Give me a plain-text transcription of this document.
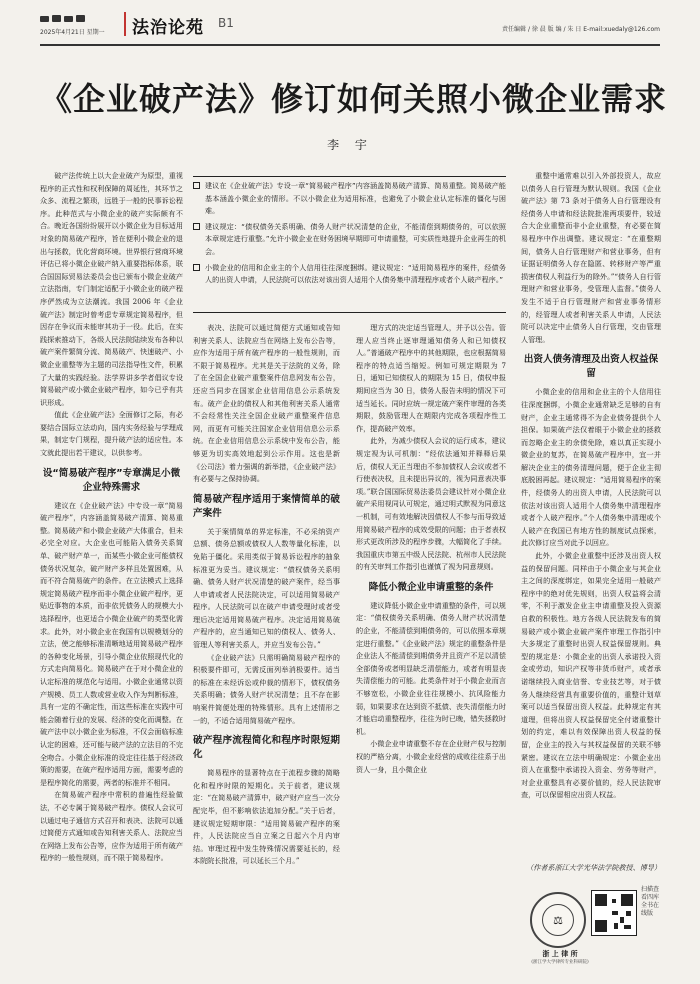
2025年4月21日 星期一 法治论苑 B1	责任编辑 / 徐 晨 版 编 / 朱 日 E-mail:xuedaly@126.com
《企业破产法》修订如何关照小微企业需求
李 宇
建议在《企业破产法》专设一章“简易破产程序”内容涵盖简易破产清算、简易重整。简易破产能基本涵盖小微企业的情形。不以小微企业为适用标准，也避免了小微企业认定标准的僵化与困难。
建议规定：“债权债务关系明确、债务人财产状况清楚的企业，不能清偿到期债务的，可以依照本章规定进行重整。”允许小微企业在财务困境早期即可申请重整，可实质性地提升企业再生的机会。
小微企业的信用和企业主的个人信用往往深度捆绑。建议规定：“适用简易程序的案件，经债务人的出资人申请，人民法院可以依法对该出资人适用个人债务集中清理程序或者个人破产程序。”

破产法传统上以大企业破产为原型，重视程序的正式性和权利保障的周延性，其环节之众多、流程之繁琐，远胜于一般的民事诉讼程序。此种范式与小微企业的破产实际颇有不合。晚近各国纷纷展开以小微企业为目标适用对象的简易破产程序，旨在便利小微企业的退出与拯救，优化营商环境。世界银行营商环境评估已将小微企业破产纳入重要指标体系，联合国国际贸易法委员会也已颁布小微企业破产立法指南，专门制定适配于小微企业的破产程序俨然成为立法潮流。我国 2006 年《企业破产法》制定时曾考虑专章规定简易程序，但因存在争议而未能审其功于一役。此后，在实践探索推动下，各级人民法院陆续发布各种以破产案件繁简分流、简易破产、快速破产、小微企业重整等为主题的司法指导性文件，积累了大量的实践经验。法学界讲多学者倡议专设简易破产或小微企业破产程序，如今已乎有共识形成。

值此《企业破产法》全面修订之际，有必要结合国际立法动向，国内实务经验与学理成果，制定专门规程，提升破产法的适应性。本文就此提出若干建议，以供参考。

设“简易破产程序”专章满足小微企业特殊需求

建议在《企业破产法》中专设一章“简易破产程序”，内容涵盖简易破产清算、简易重整。简易破产和小微企业破产大体重合，但未必完全对应。大企业也可能陷入债务关系简单、破产财产单一，而某些小微企业可能债权债务状况复杂，破产财产多样且处置困难，从而不符合简易破产的条件。在立法模式上选择规定简易破产程序而非小微企业破产程序，更贴近事物的本质，而非依凭债务人的规模大小选择程序，也更适合小微企业破产的类型化需求。此外，对小微企业在我国有以规模划分的立法，使之能够标准清晰地适用简易破产程序的各种变化场景，引导小微企业依照现代化的方式走向简易化。简易破产在于对小微企业的认定标准的规范化与适用。小微企业通常以资产规模、员工人数或营业收入作为判断标准，具有一定的不确定性，而这些标准在实践中可能会随着行业的发展、经济的变化而调整。在破产法中以小微企业为标准，不仅会面临标准认定的困难，还可能与破产法的立法目的不完全吻合。小微企业标准的设定往往基于经济政策的需要，在破产程序适用方面，需要考虑的是程序简化的需要，两者的标准并不相同。

在简易破产程序中常积的普遍性经验做法，不必专属于简易破产程序。债权人会议可以通过电子通信方式召开和表决、法院可以通过简便方式通知或告知利害关系人、法院应当在网络上发布公告等，应作为适用于所有破产程序的一般性规则，而不限于简易程序。

表决、法院可以通过简便方式通知或告知利害关系人、法院应当在网络上发布公告等，应作为适用于所有破产程序的一般性规则，而不限于简易程序。尤其是关于法院的义务，除了在全国企业破产重整案件信息网发布公告，还应当同步在国家企业信用信息公示系统发布。破产企业的债权人和其他利害关系人通常不会经常性关注全国企业破产重整案件信息网，而更有可能关注国家企业信用信息公示系统。在企业信用信息公示系统中发布公告，能够更为切实高效地起到公示作用。这也是新《公司法》着力强调的新举措，《企业破产法》有必要与之保持协调。

简易破产程序适用于案情简单的破产案件

关于案情简单的界定标准，不必采纳资产总额、债务总额或债权人人数等量化标准，以免陷于僵化。采用类似于简易诉讼程序的抽象标准更为妥当。建议规定：“债权债务关系明确、债务人财产状况清楚的破产案件，经当事人申请或者人民法院决定，可以适用简易破产程序。人民法院可以在破产申请受理时或者受理后决定适用简易破产程序。决定适用简易破产程序的，应当通知已知的债权人、债务人、管理人等利害关系人，并应当发布公告。”

《企业破产法》只需明确简易破产程序的积极要件即可，无需反面列举消极要件。适当的标准在未经诉讼或仲裁的情形下，债权债务关系明确；债务人财产状况清楚；且不存在影响案件简便处理的特殊情形。具有上述情形之一的，不适合适用简易破产程序。

破产程序流程简化和程序时限短期化

简易程序的显著特点在于流程步骤的简略化和程序时限的短期化。关于前者，建议规定：“在简易破产清算中，破产财产应当一次分配完毕，但不影响依法追加分配。”关于后者，建议规定短期审限：“适用简易破产程序的案件，人民法院应当自立案之日起六个月内审结。审理过程中发生特殊情况需要延长的，经本院院长批准，可以延长三个月。”

理方式的决定适当管理人，并予以公告。管理人应当终止逐审理通知债务人和已知债权人。”普通破产程序中的其他期限，也应根据简易程序的特点适当缩短。例如可规定期限为 7 日，通知已知债权人的期限为 15 日，债权申报期间应当为 30 日，债务人报告未明的情况下可适当延长。同时应统一规定破产案件审理的各类期限，鼓励管理人在期限内完成各项程序性工作，提高破产效率。

此外，为减少债权人会议的运行成本，建议规定视为认可机制：“经依法通知并释释后果后，债权人无正当理由不参加债权人会议或者不行使表决权，且未提出异议的，视为同意表决事项。”联合国国际贸易法委员会建议针对小微企业破产采用视同认可规定，通过明式默视为同意这一机制，可有效地解决因债权人不参与而导致适用简易破产程序的成效受限的问题；由于者表权形式更改所涉及的程序步骤，大幅简化了手续。我国重庆市第五中级人民法院、杭州市人民法院的有关审判工作指引也谨慎了视为同意规则。

降低小微企业申请重整的条件

建议降低小微企业申请重整的条件，可以规定：“债权债务关系明确、债务人财产状况清楚的企业，不能清偿到期债务的，可以依照本章规定进行重整。”《企业破产法》规定的重整条件是企业法人不能清偿到期债务并且资产不足以清偿全部债务或者明显缺乏清偿能力，或者有明显丧失清偿能力的可能。此类条件对于小微企业而言不够宽松，小微企业往往规模小、抗风险能力弱，如果要求在达到资不抵债、丧失清偿能力时才能启动重整程序，往往为时已晚，错失拯救时机。

小微企业申请重整不存在企业财产权与控制权的严格分离，小微企业经营的成败往往系于出资人一身，且小微企业

重整中通常难以引入外部投资人，故应以债务人自行管理为默认规则。我国《企业破产法》第 73 条对于债务人自行管理设有经债务人申请和经法院批准两项要件，较适合大企业重整而非小企业重整，有必要在简易程序中作出调整。建议规定：“在重整期间，债务人自行管理财产和营业事务，但有证据证明债务人存在隐匿、转移财产等严重损害债权人利益行为的除外。”“债务人自行管理财产和营业事务，受管理人监督。”债务人发生不适于自行管理财产和营业事务情形的，经管理人或者利害关系人申请，人民法院可以决定中止债务人自行管理，交由管理人管理。

出资人债务清理及出资人权益保留

小微企业的信用和企业主的个人信用往往深度捆绑，小微企业通常缺乏足够的自有财产，企业主通常得不为企业债务提供个人担保。如果破产法仅着眼于小微企业的拯救而忽略企业主的余债免除，难以真正实现小微企业的复苏，在简易破产程序中，宜一并解决企业主的债务清理问题，便于企业主彻底脱困再起。建议规定：“适用简易程序的案件，经债务人的出资人申请，人民法院可以依法对该出资人适用个人债务集中清理程序或者个人破产程序。”个人债务集中清理或个人破产在我国已有地方性的制度试点探索，此次修订应当对此予以回应。

此外，小微企业重整中还涉及出资人权益的保留问题。同样由于小微企业与其企业主之间的深度绑定，如果完全适用一般破产程序中的绝对优先规则，出资人权益将会清零，不利于激发企业主申请重整及投入资源自救的积极性。地方各级人民法院发布的简易破产或小微企业破产案件审理工作指引中大多规定了重整时出资人权益保留规则。典型的规定是：小微企业的出资人承诺投入资金或劳动，知识产权等非货币财产，或者承诺继续投入商业信誉、专业技艺等，对于债务人继续经营具有重要价值的，重整计划草案可以适当保留出资人权益。此种规定有其道理，但将出资人权益保留完全付诸重整计划的约定，难以有效保障出资人权益的保留，企业主的投入与其权益保留的关联不够紧密。建议在立法中明确规定：小微企业出资人在重整中承诺投入资金、劳务等财产，对企业重整具有必要价值的，经人民法院审查，可以保留相应出资人权益。

（作者系浙江大学光华法学院教授、博导）
⚖
浙 上 律 所
(浙江学大学律所专业科研院)
扫描查看四库全书在线版
